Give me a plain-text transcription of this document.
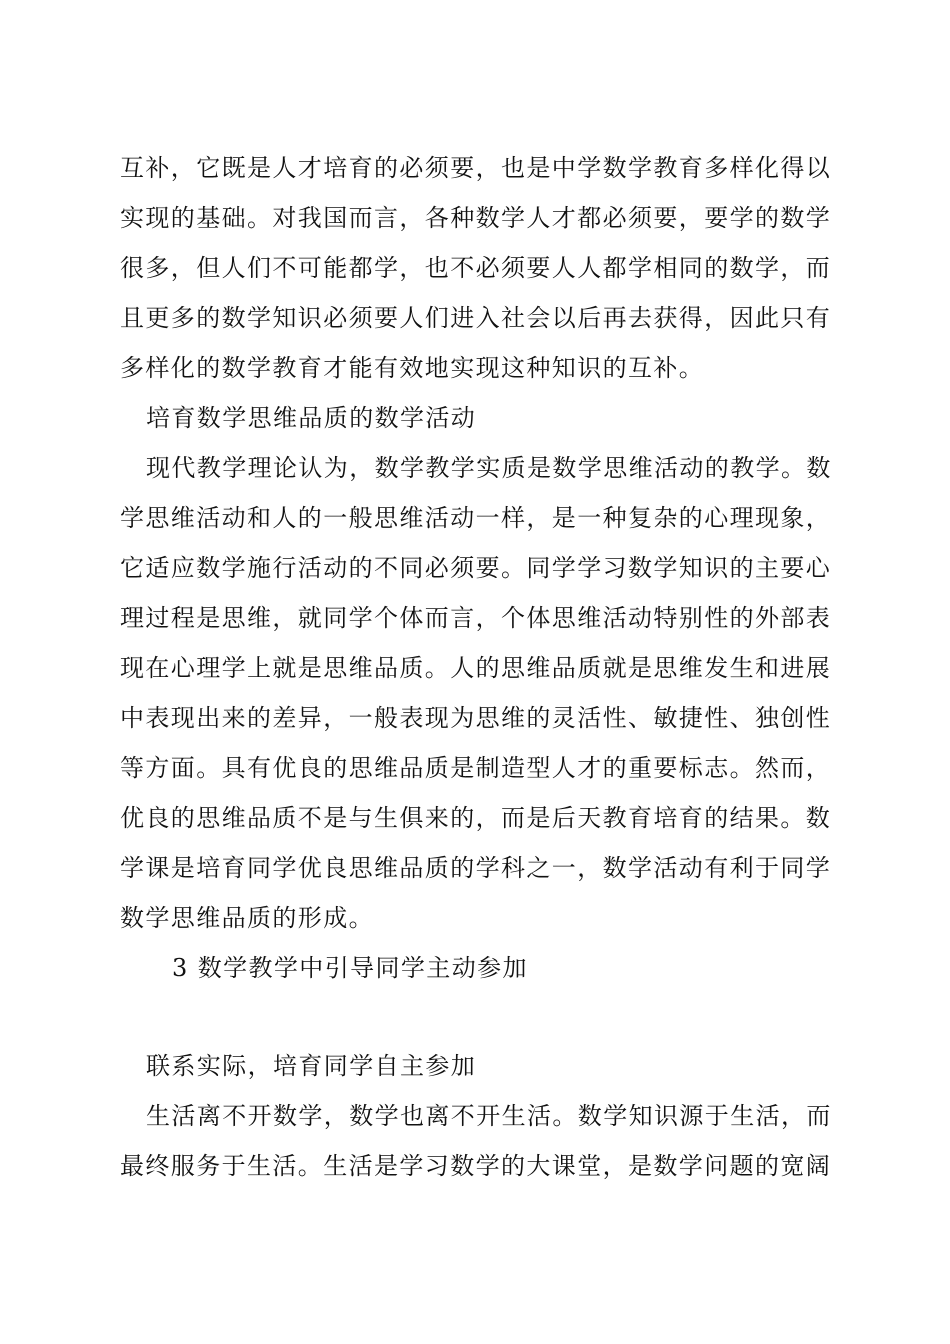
互补，它既是人才培育的必须要，也是中学数学教育多样化得以
实现的基础。对我国而言，各种数学人才都必须要，要学的数学
很多，但人们不可能都学，也不必须要人人都学相同的数学，而
且更多的数学知识必须要人们进入社会以后再去获得，因此只有
多样化的数学教育才能有效地实现这种知识的互补。
培育数学思维品质的数学活动
现代教学理论认为，数学教学实质是数学思维活动的教学。数
学思维活动和人的一般思维活动一样，是一种复杂的心理现象，
它适应数学施行活动的不同必须要。同学学习数学知识的主要心
理过程是思维，就同学个体而言，个体思维活动特别性的外部表
现在心理学上就是思维品质。人的思维品质就是思维发生和进展
中表现出来的差异，一般表现为思维的灵活性、敏捷性、独创性
等方面。具有优良的思维品质是制造型人才的重要标志。然而，
优良的思维品质不是与生俱来的，而是后天教育培育的结果。数
学课是培育同学优良思维品质的学科之一，数学活动有利于同学
数学思维品质的形成。
3 数学教学中引导同学主动参加
联系实际，培育同学自主参加
生活离不开数学，数学也离不开生活。数学知识源于生活，而
最终服务于生活。生活是学习数学的大课堂，是数学问题的宽阔
